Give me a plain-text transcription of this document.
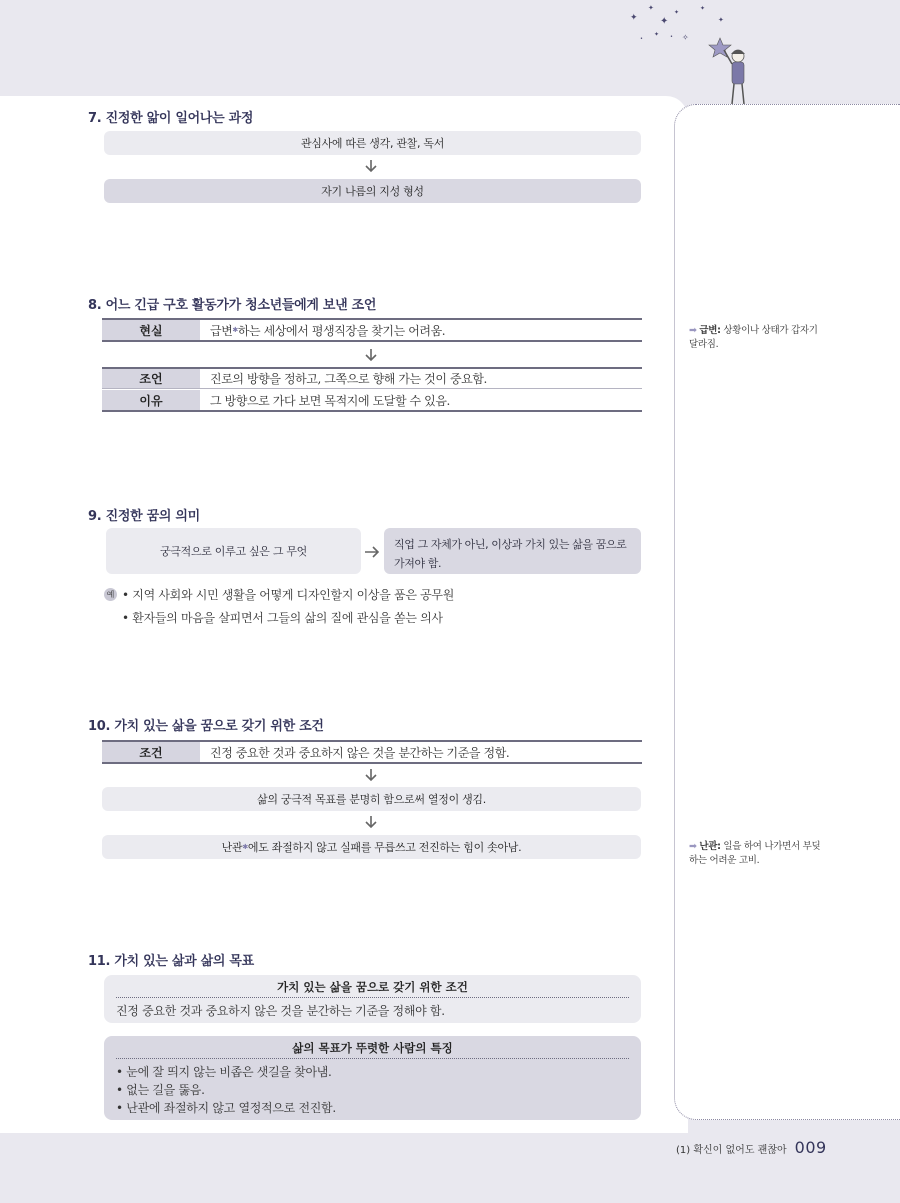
✦
✦
✦
✦
✦	✧
✦
✦
•	•
7. 진정한 앎이 일어나는 과정
관심사에 따른 생각, 관찰, 독서
자기 나름의 지성 형성
8. 어느 긴급 구호 활동가가 청소년들에게 보낸 조언
현실	급변 ✱ 하는 세상에서 평생직장을 찾기는 어려움.
조언	진로의 방향을 정하고, 그쪽으로 향해 가는 것이 중요함.
이유	그 방향으로 가다 보면 목적지에 도달할 수 있음.
9. 진정한 꿈의 의미
궁극적으로 이루고 싶은 그 무엇
직업 그 자체가 아닌, 이상과 가치 있는 삶을 꿈으로 가져야 함.
예 • 지역 사회와 시민 생활을 어떻게 디자인할지 이상을 품은 공무원
• 환자들의 마음을 살피면서 그들의 삶의 질에 관심을 쏟는 의사
10. 가치 있는 삶을 꿈으로 갖기 위한 조건
조건	진정 중요한 것과 중요하지 않은 것을 분간하는 기준을 정함.
삶의 궁극적 목표를 분명히 함으로써 열정이 생김.
난관 ✱ 에도 좌절하지 않고 실패를 무릅쓰고 전진하는 힘이 솟아남.
11. 가치 있는 삶과 삶의 목표
가치 있는 삶을 꿈으로 갖기 위한 조건
진정 중요한 것과 중요하지 않은 것을 분간하는 기준을 정해야 함.
삶의 목표가 뚜렷한 사람의 특징
• 눈에 잘 띄지 않는 비좁은 샛길을 찾아냄.
• 없는 길을 뚫음.
• 난관에 좌절하지 않고 열정적으로 전진함.
➡ 급변: 상황이나 상태가 갑자기
달라짐.
➡ 난관: 일을 하여 나가면서 부딪
하는 어려운 고비.
(1) 확신이 없어도 괜찮아 009
